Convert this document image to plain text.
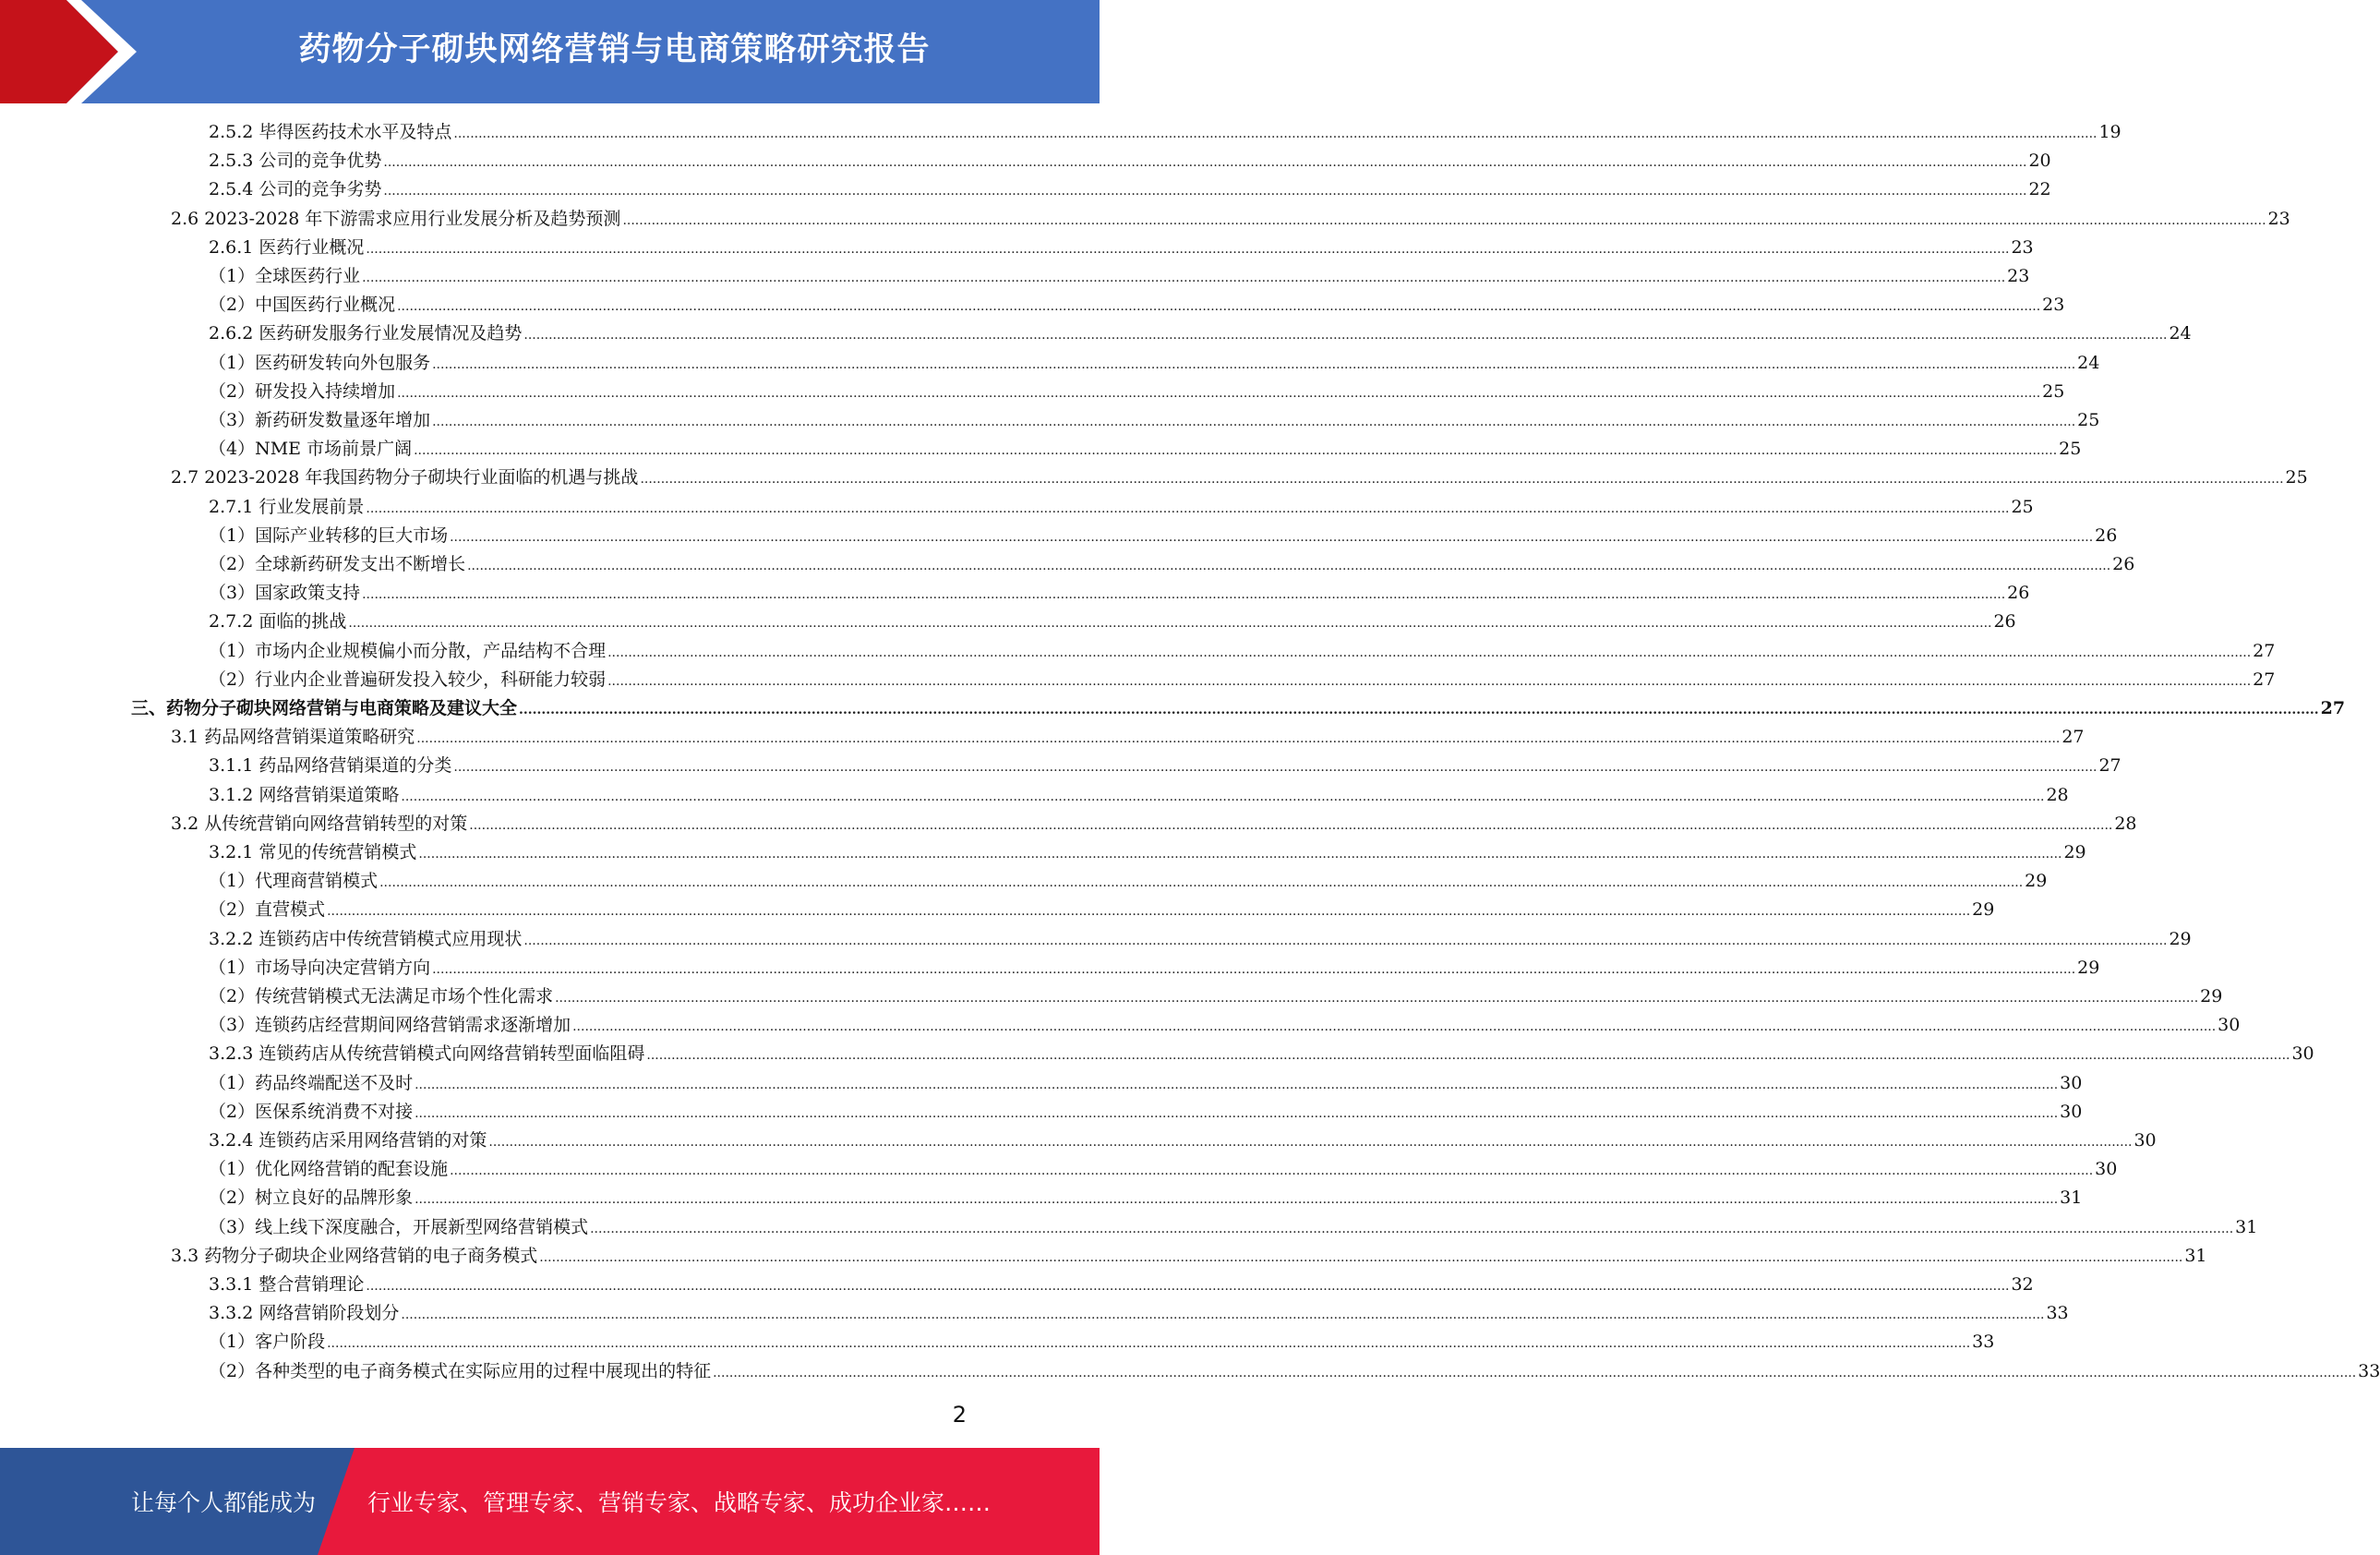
药物分子砌块网络营销与电商策略研究报告
2.5.2 毕得医药技术水平及特点 ................................................................................................................................................................................................................................................................................................................................................................................................................ 19
2.5.3 公司的竞争优势 ................................................................................................................................................................................................................................................................................................................................................................................................................ 20
2.5.4 公司的竞争劣势 ................................................................................................................................................................................................................................................................................................................................................................................................................ 22
2.6 2023-2028 年下游需求应用行业发展分析及趋势预测 ................................................................................................................................................................................................................................................................................................................................................................................................................ 23
2.6.1 医药行业概况 ................................................................................................................................................................................................................................................................................................................................................................................................................ 23
（1）全球医药行业 ................................................................................................................................................................................................................................................................................................................................................................................................................ 23
（2）中国医药行业概况 ................................................................................................................................................................................................................................................................................................................................................................................................................ 23
2.6.2 医药研发服务行业发展情况及趋势 ................................................................................................................................................................................................................................................................................................................................................................................................................ 24
（1）医药研发转向外包服务 ................................................................................................................................................................................................................................................................................................................................................................................................................ 24
（2）研发投入持续增加 ................................................................................................................................................................................................................................................................................................................................................................................................................ 25
（3）新药研发数量逐年增加 ................................................................................................................................................................................................................................................................................................................................................................................................................ 25
（4）NME 市场前景广阔 ................................................................................................................................................................................................................................................................................................................................................................................................................ 25
2.7 2023-2028 年我国药物分子砌块行业面临的机遇与挑战 ................................................................................................................................................................................................................................................................................................................................................................................................................ 25
2.7.1 行业发展前景 ................................................................................................................................................................................................................................................................................................................................................................................................................ 25
（1）国际产业转移的巨大市场 ................................................................................................................................................................................................................................................................................................................................................................................................................ 26
（2）全球新药研发支出不断增长 ................................................................................................................................................................................................................................................................................................................................................................................................................ 26
（3）国家政策支持 ................................................................................................................................................................................................................................................................................................................................................................................................................ 26
2.7.2 面临的挑战 ................................................................................................................................................................................................................................................................................................................................................................................................................ 26
（1）市场内企业规模偏小而分散，产品结构不合理 ................................................................................................................................................................................................................................................................................................................................................................................................................ 27
（2）行业内企业普遍研发投入较少，科研能力较弱 ................................................................................................................................................................................................................................................................................................................................................................................................................ 27
三、药物分子砌块网络营销与电商策略及建议大全 ................................................................................................................................................................................................................................................................................................................................................................................................................ 27
3.1 药品网络营销渠道策略研究 ................................................................................................................................................................................................................................................................................................................................................................................................................ 27
3.1.1 药品网络营销渠道的分类 ................................................................................................................................................................................................................................................................................................................................................................................................................ 27
3.1.2 网络营销渠道策略 ................................................................................................................................................................................................................................................................................................................................................................................................................ 28
3.2 从传统营销向网络营销转型的对策 ................................................................................................................................................................................................................................................................................................................................................................................................................ 28
3.2.1 常见的传统营销模式 ................................................................................................................................................................................................................................................................................................................................................................................................................ 29
（1）代理商营销模式 ................................................................................................................................................................................................................................................................................................................................................................................................................ 29
（2）直营模式 ................................................................................................................................................................................................................................................................................................................................................................................................................ 29
3.2.2 连锁药店中传统营销模式应用现状 ................................................................................................................................................................................................................................................................................................................................................................................................................ 29
（1）市场导向决定营销方向 ................................................................................................................................................................................................................................................................................................................................................................................................................ 29
（2）传统营销模式无法满足市场个性化需求 ................................................................................................................................................................................................................................................................................................................................................................................................................ 29
（3）连锁药店经营期间网络营销需求逐渐增加 ................................................................................................................................................................................................................................................................................................................................................................................................................ 30
3.2.3 连锁药店从传统营销模式向网络营销转型面临阻碍 ................................................................................................................................................................................................................................................................................................................................................................................................................ 30
（1）药品终端配送不及时 ................................................................................................................................................................................................................................................................................................................................................................................................................ 30
（2）医保系统消费不对接 ................................................................................................................................................................................................................................................................................................................................................................................................................ 30
3.2.4 连锁药店采用网络营销的对策 ................................................................................................................................................................................................................................................................................................................................................................................................................ 30
（1）优化网络营销的配套设施 ................................................................................................................................................................................................................................................................................................................................................................................................................ 30
（2）树立良好的品牌形象 ................................................................................................................................................................................................................................................................................................................................................................................................................ 31
（3）线上线下深度融合，开展新型网络营销模式 ................................................................................................................................................................................................................................................................................................................................................................................................................ 31
3.3 药物分子砌块企业网络营销的电子商务模式 ................................................................................................................................................................................................................................................................................................................................................................................................................ 31
3.3.1 整合营销理论 ................................................................................................................................................................................................................................................................................................................................................................................................................ 32
3.3.2 网络营销阶段划分 ................................................................................................................................................................................................................................................................................................................................................................................................................ 33
（1）客户阶段 ................................................................................................................................................................................................................................................................................................................................................................................................................ 33
（2）各种类型的电子商务模式在实际应用的过程中展现出的特征 ................................................................................................................................................................................................................................................................................................................................................................................................................ 33
2
让每个人都能成为 行业专家、管理专家、营销专家、战略专家、成功企业家……
